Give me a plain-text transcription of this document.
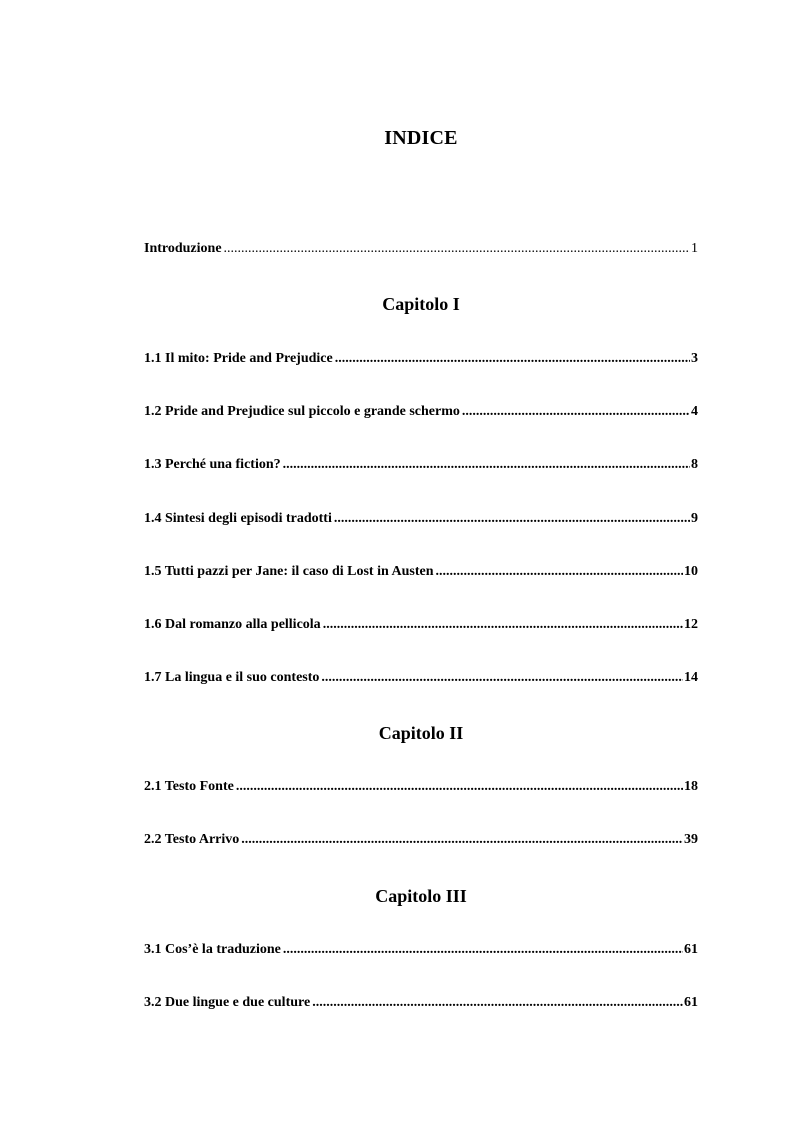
INDICE
Introduzione .....	1
Capitolo I
1.1 Il mito: Pride and Prejudice .....	3
1.2 Pride and Prejudice sul piccolo e grande schermo .....	4
1.3 Perché una fiction? .....	8
1.4 Sintesi degli episodi tradotti .....	9
1.5 Tutti pazzi per Jane: il caso di Lost in Austen .....	10
1.6 Dal romanzo alla pellicola .....	12
1.7 La lingua e il suo contesto .....	14
Capitolo II
2.1 Testo Fonte .....	18
2.2 Testo Arrivo .....	39
Capitolo III
3.1 Cos’è la traduzione .....	61
3.2 Due lingue e due culture .....	61
